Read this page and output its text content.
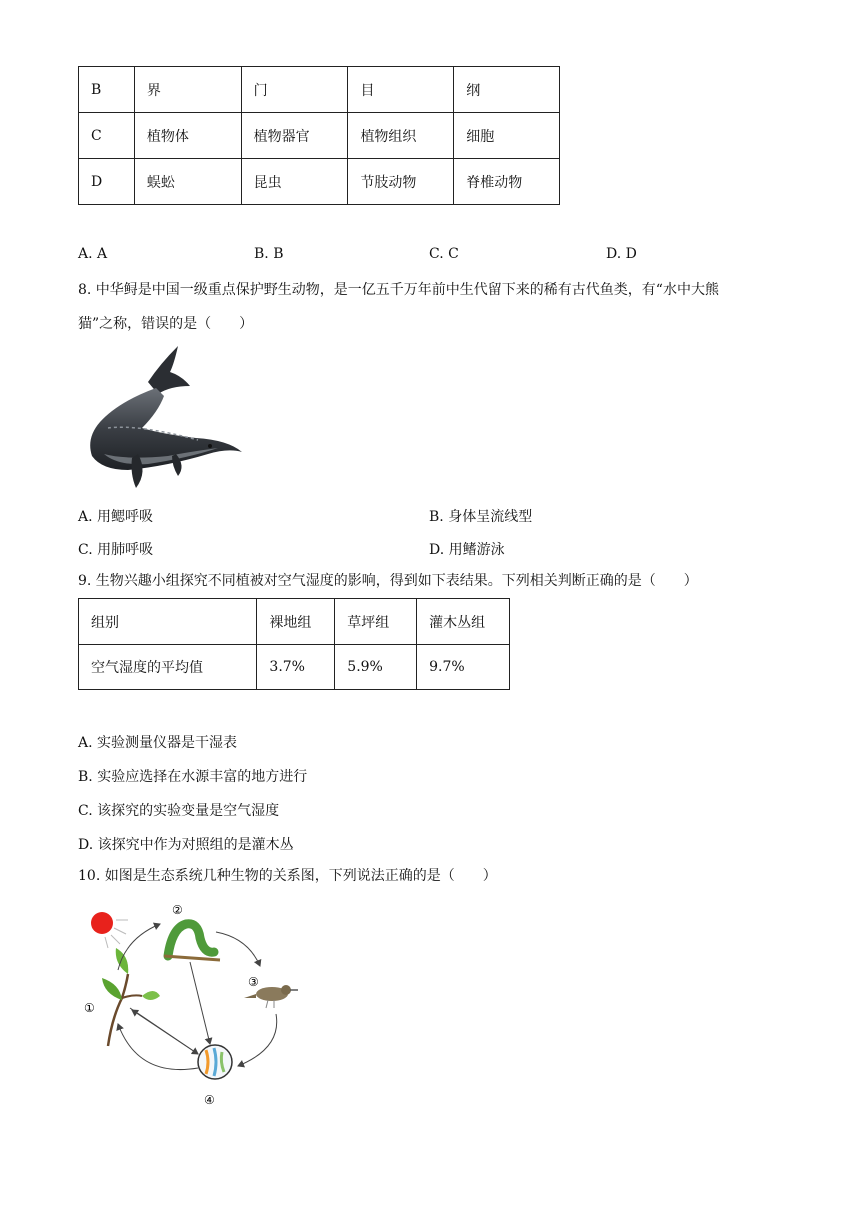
B	界	门	目	纲
C	植物体	植物器官	植物组织	细胞
D	蜈蚣	昆虫	节肢动物	脊椎动物
A. A	B. B	C. C	D. D
8. 中华鲟是中国一级重点保护野生动物，是一亿五千万年前中生代留下来的稀有古代鱼类，有“水中大熊
猫”之称，错误的是（　　）
A. 用鳃呼吸	B. 身体呈流线型
C. 用肺呼吸	D. 用鳍游泳
9. 生物兴趣小组探究不同植被对空气湿度的影响，得到如下表结果。下列相关判断正确的是（　　）
组别	裸地组	草坪组	灌木丛组
空气湿度的平均值	3.7%	5.9%	9.7%
A. 实验测量仪器是干湿表
B. 实验应选择在水源丰富的地方进行
C. 该探究的实验变量是空气湿度
D. 该探究中作为对照组的是灌木丛
10. 如图是生态系统几种生物的关系图，下列说法正确的是（　　）
②
③
①
④
